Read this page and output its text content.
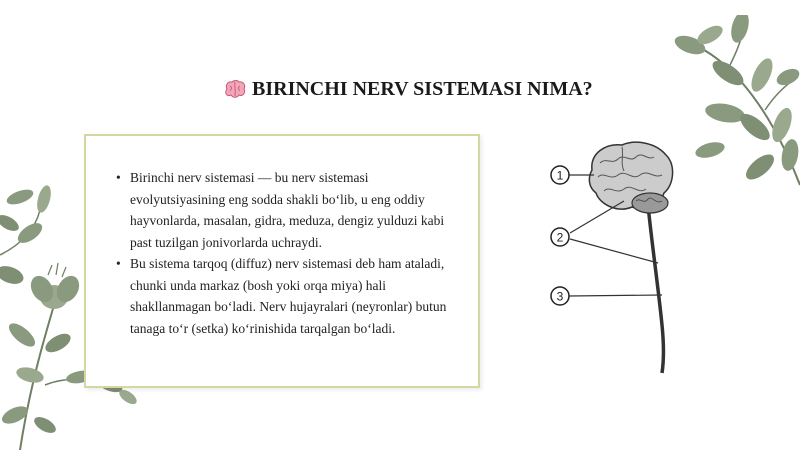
BIRINCHI NERV SISTEMASI NIMA?
• Birinchi nerv sistemasi — bu nerv sistemasi evolyutsiyasining eng sodda shakli bo‘lib, u eng oddiy hayvonlarda, masalan, gidra, meduza, dengiz yulduzi kabi past tuzilgan jonivorlarda uchraydi.
• Bu sistema tarqoq (diffuz) nerv sistemasi deb ham ataladi, chunki unda markaz (bosh yoki orqa miya) hali shakllanmagan bo‘ladi. Nerv hujayralari (neyronlar) butun tanaga to‘r (setka) ko‘rinishida tarqalgan bo‘ladi.
1
2
3
